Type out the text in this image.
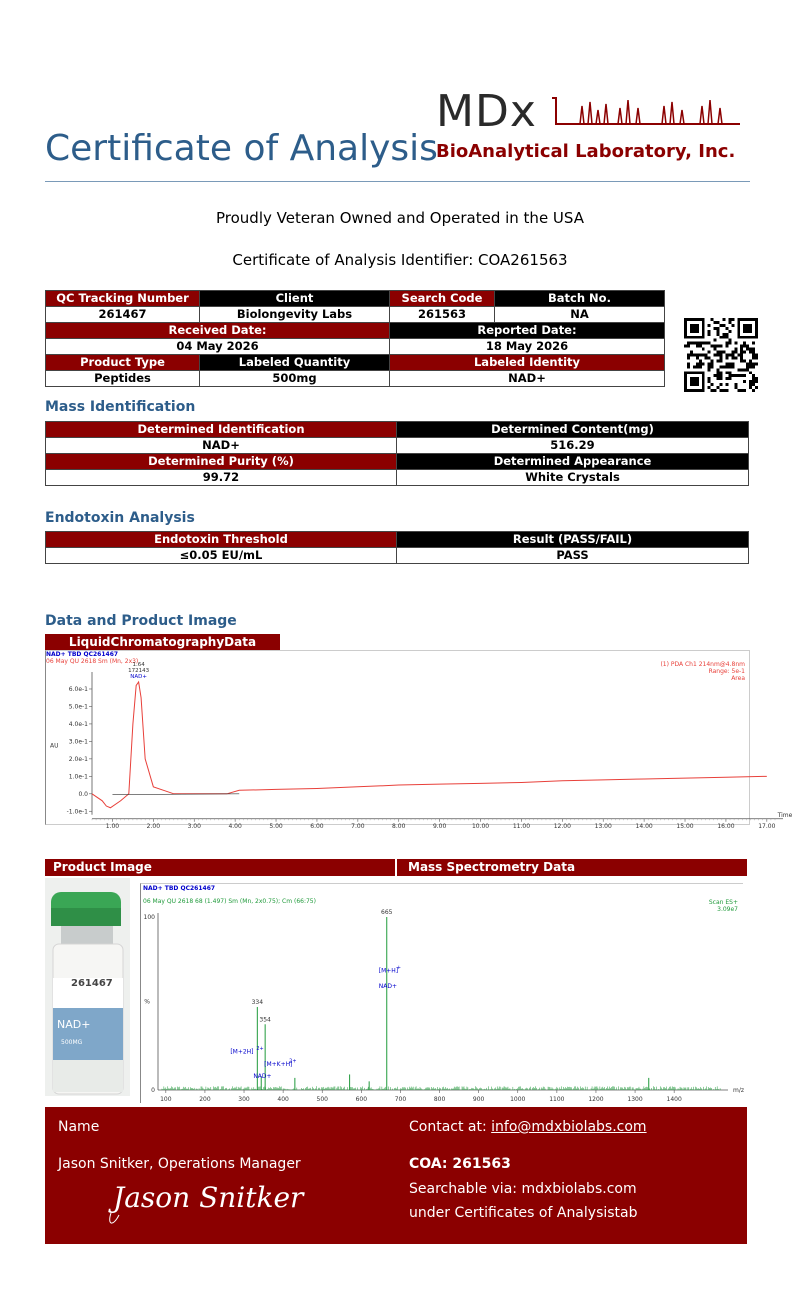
MDx
BioAnalytical Laboratory, Inc.
Certificate of Analysis
Proudly Veteran Owned and Operated in the USA
Certificate of Analysis Identifier: COA261563
QC Tracking Number	Client	Search Code	Batch No.
261467	Biolongevity Labs	261563	NA
Received Date:		Reported Date:	
04 May 2026		18 May 2026	
Product Type	Labeled Quantity	Labeled Identity	
Peptides	500mg	NAD+	
Mass Identification
Determined Identification	Determined Content(mg)
NAD+	516.29
Determined Purity (%)	Determined Appearance
99.72	White Crystals
Endotoxin Analysis
Endotoxin Threshold	Result (PASS/FAIL)
≤0.05 EU/mL	PASS
Data and Product Image
LiquidChromatographyData
NAD+ TBD QC261467
06 May QU 2618 Sm (Mn, 2x3)	(1) PDA Ch1 214nm@4.8nm
Range: 5e-1
Area
6.0e-1
5.0e-1
4.0e-1
3.0e-1
2.0e-1
1.0e-1
0.0
-1.0e-1
1.00	2.00	3.00	4.00	5.00	6.00	7.00	8.00	9.00	10.00	11.00	12.00	13.00	14.00	15.00	16.00	17.00
Time
AU
1.64
172143
NAD+
Product Image	Mass Spectrometry Data
261467
NAD+
500MG
NAD+ TBD QC261467
06 May QU 2618 68 (1.497) Sm (Mn, 2x0.75); Cm (66:75)	Scan ES+
3.09e7
100
0
%
m/z
100	200	300	400	500	600	700	800	900	1000	1100	1200	1300	1400
665
334
354
[M+H]
+
NAD+
[M+2H] 2+
[M+K+H]
2+
NAD+
Name
Jason Snitker, Operations Manager
Jason Snitker
Contact at: info@mdxbiolabs.com
COA: 261563
Searchable via: mdxbiolabs.com
under Certificates of Analysistab
